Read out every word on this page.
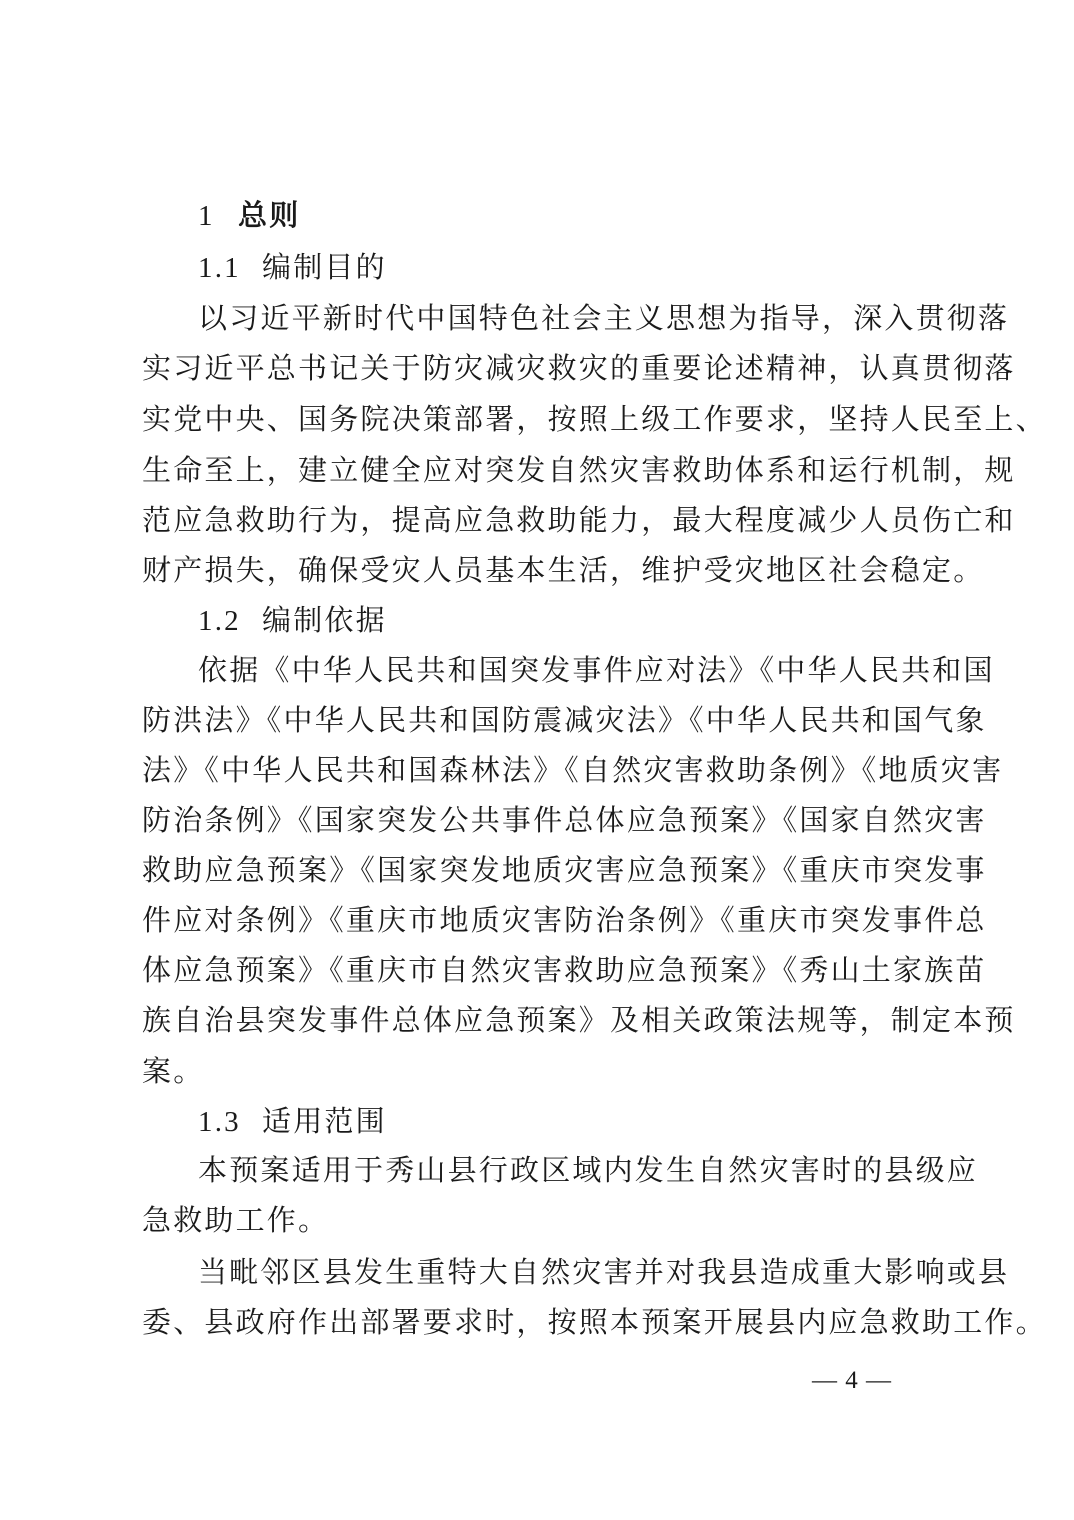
1 总则
1.1 编制目的
以习近平新时代中国特色社会主义思想为指导，深入贯彻落
实习近平总书记关于防灾减灾救灾的重要论述精神，认真贯彻落
实党中央、国务院决策部署，按照上级工作要求，坚持人民至上、
生命至上，建立健全应对突发自然灾害救助体系和运行机制，规
范应急救助行为，提高应急救助能力，最大程度减少人员伤亡和
财产损失，确保受灾人员基本生活，维护受灾地区社会稳定。
1.2 编制依据
依据《中华人民共和国突发事件应对法》《中华人民共和国
防洪法》《中华人民共和国防震减灾法》《中华人民共和国气象
法》《中华人民共和国森林法》《自然灾害救助条例》《地质灾害
防治条例》《国家突发公共事件总体应急预案》《国家自然灾害
救助应急预案》《国家突发地质灾害应急预案》《重庆市突发事
件应对条例》《重庆市地质灾害防治条例》《重庆市突发事件总
体应急预案》《重庆市自然灾害救助应急预案》《秀山土家族苗
族自治县突发事件总体应急预案》及相关政策法规等，制定本预
案。
1.3 适用范围
本预案适用于秀山县行政区域内发生自然灾害时的县级应
急救助工作。
当毗邻区县发生重特大自然灾害并对我县造成重大影响或县
委、县政府作出部署要求时，按照本预案开展县内应急救助工作。
— 4 —
